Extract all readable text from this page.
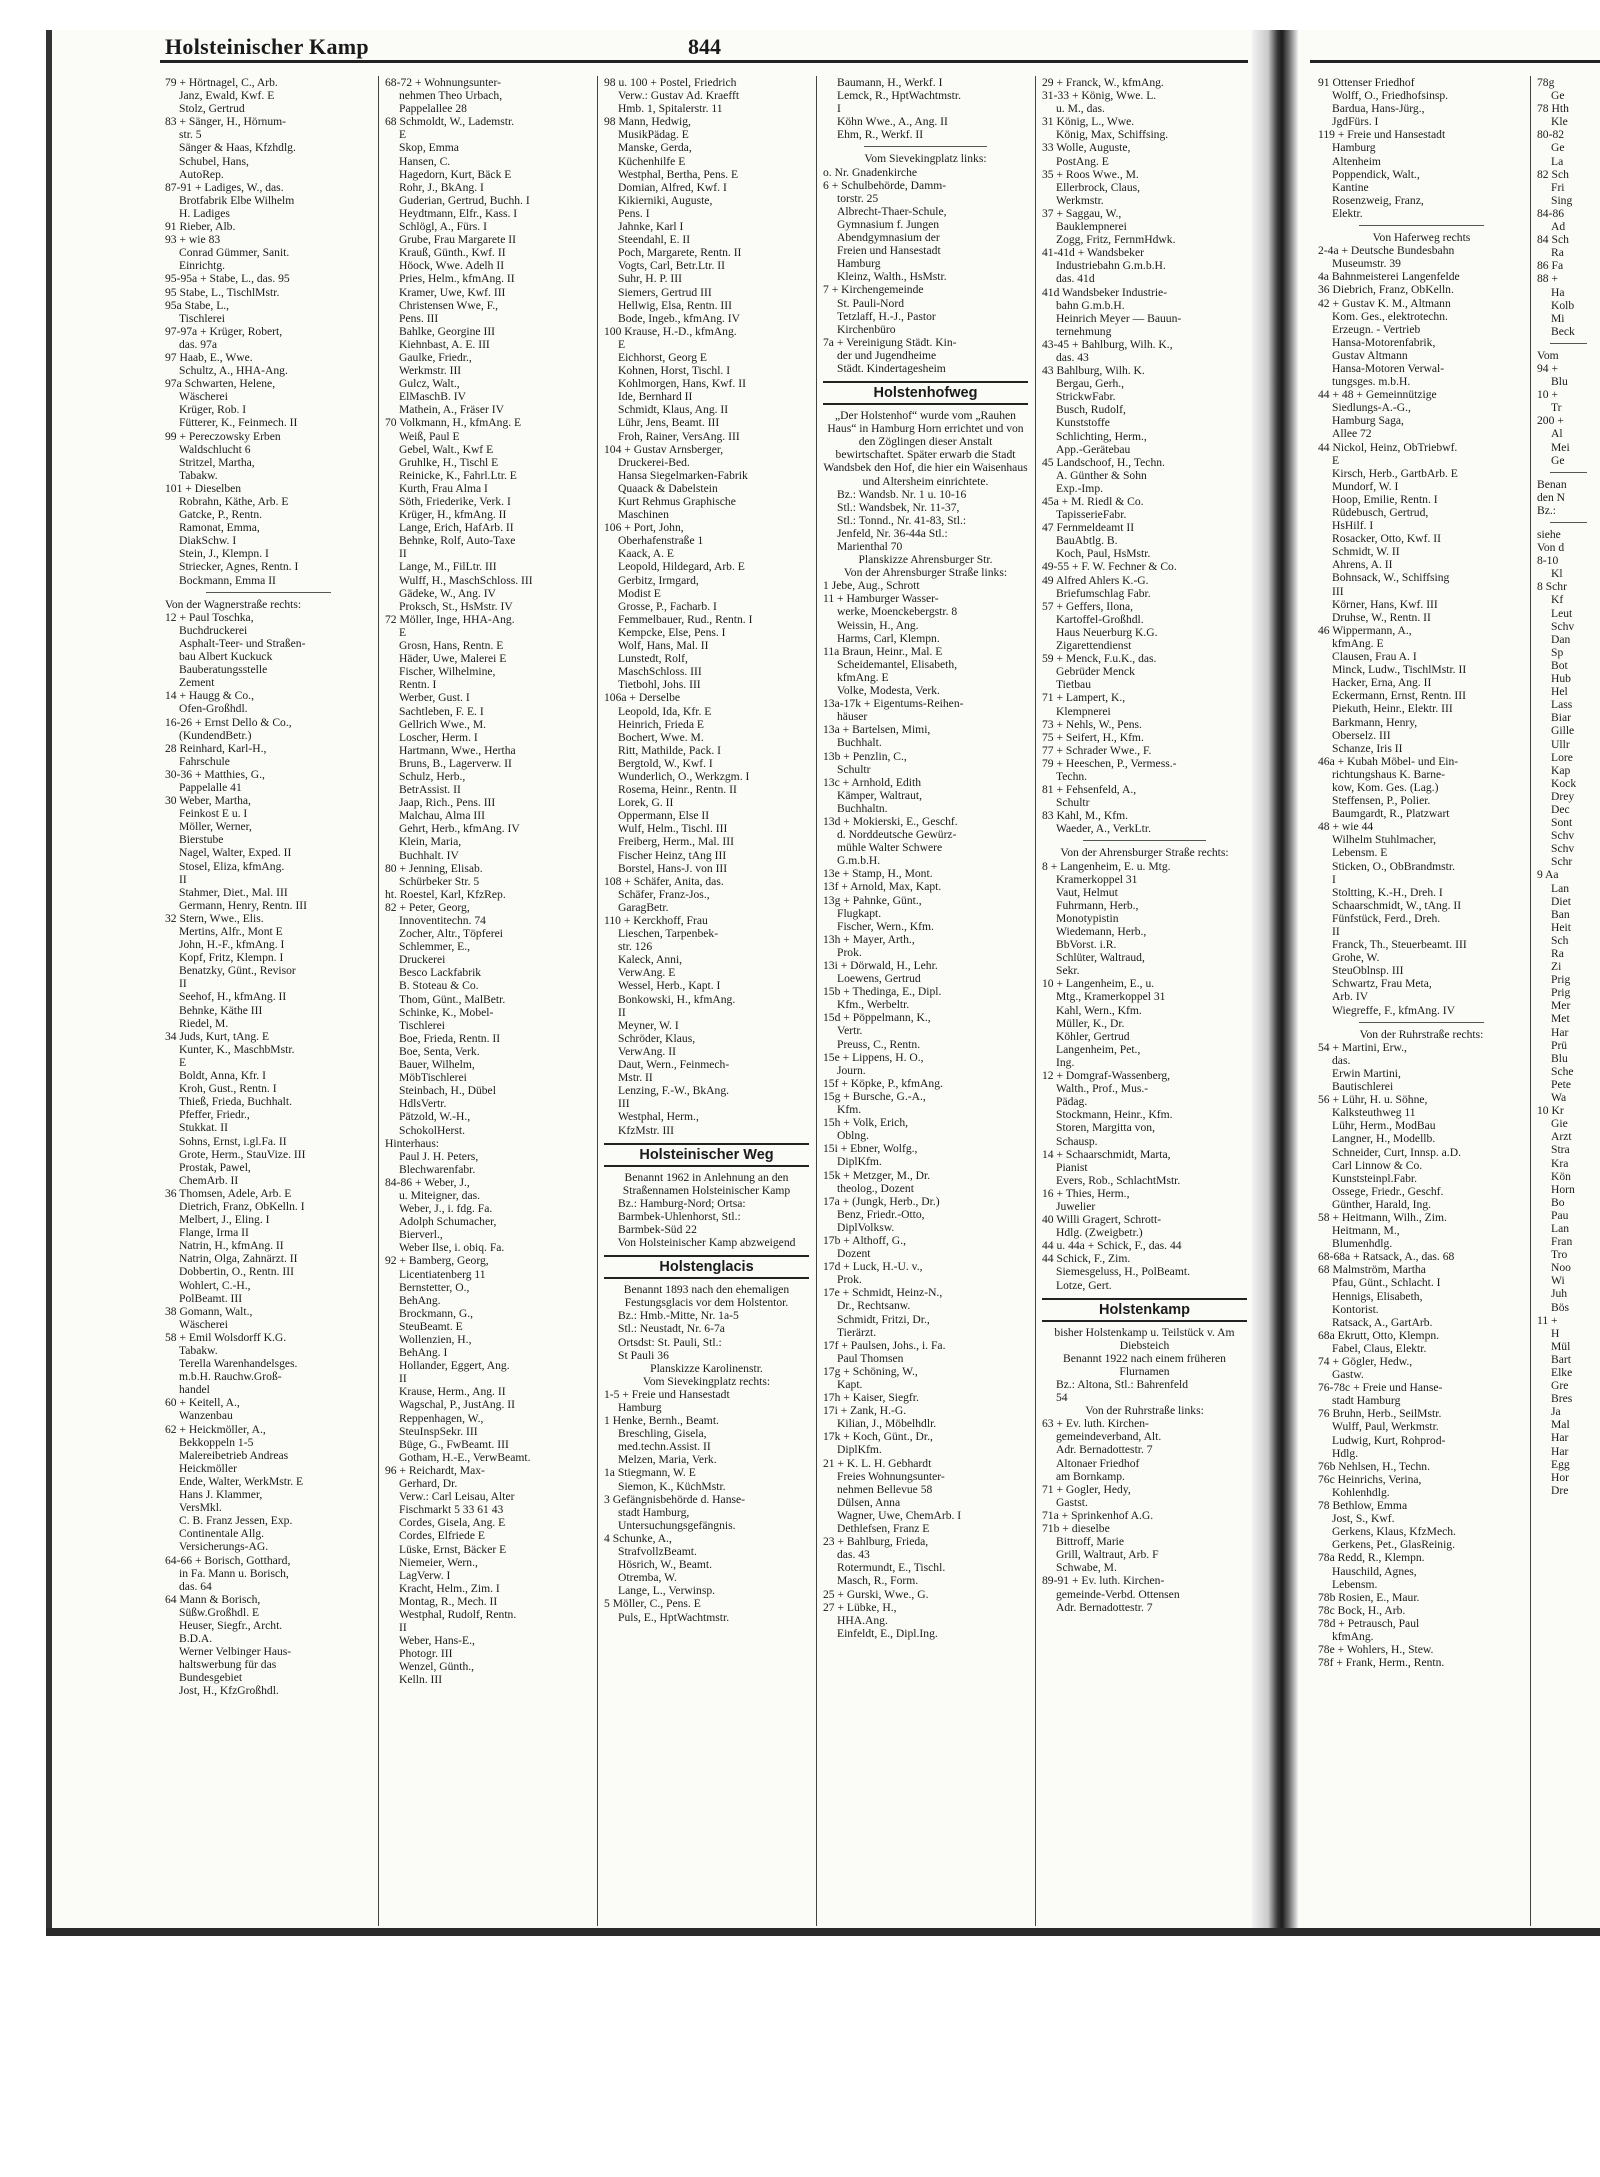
Holsteinischer Kamp	844

79 + Hörtnagel, C., Arb.

Janz, Ewald, Kwf. E

Stolz, Gertrud

83 + Sänger, H., Hörnum-

str. 5

Sänger & Haas, Kfzhdlg.

Schubel, Hans,

AutoRep.

87-91 + Ladiges, W., das.

Brotfabrik Elbe Wilhelm

H. Ladiges

91 Rieber, Alb.

93 + wie 83

Conrad Gümmer, Sanit.

Einrichtg.

95-95a + Stabe, L., das. 95

95 Stabe, L., TischlMstr.

95a Stabe, L.,

Tischlerei

97-97a + Krüger, Robert,

das. 97a

97 Haab, E., Wwe.

Schultz, A., HHA-Ang.

97a Schwarten, Helene,

Wäscherei

Krüger, Rob. I

Fütterer, K., Feinmech. II

99 + Pereczowsky Erben

Waldschlucht 6

Stritzel, Martha,

Tabakw.

101 + Dieselben

Robrahn, Käthe, Arb. E

Gatcke, P., Rentn.

Ramonat, Emma,

DiakSchw. I

Stein, J., Klempn. I

Striecker, Agnes, Rentn. I

Bockmann, Emma II

Von der Wagnerstraße rechts:

12 + Paul Toschka,

Buchdruckerei

Asphalt-Teer- und Straßen-

bau Albert Kuckuck

Bauberatungsstelle

Zement

14 + Haugg & Co.,

Ofen-Großhdl.

16-26 + Ernst Dello & Co.,

(KundendBetr.)

28 Reinhard, Karl-H.,

Fahrschule

30-36 + Matthies, G.,

Pappelalle 41

30 Weber, Martha,

Feinkost E u. I

Möller, Werner,

Bierstube

Nagel, Walter, Exped. II

Stosel, Eliza, kfmAng.

II

Stahmer, Diet., Mal. III

Germann, Henry, Rentn. III

32 Stern, Wwe., Elis.

Mertins, Alfr., Mont E

John, H.-F., kfmAng. I

Kopf, Fritz, Klempn. I

Benatzky, Günt., Revisor

II

Seehof, H., kfmAng. II

Behnke, Käthe III

Riedel, M.

34 Juds, Kurt, tAng. E

Kunter, K., MaschbMstr.

E

Boldt, Anna, Kfr. I

Kroh, Gust., Rentn. I

Thieß, Frieda, Buchhalt.

Pfeffer, Friedr.,

Stukkat. II

Sohns, Ernst, i.gl.Fa. II

Grote, Herm., StauVize. III

Prostak, Pawel,

ChemArb. II

36 Thomsen, Adele, Arb. E

Dietrich, Franz, ObKelln. I

Melbert, J., Eling. I

Flange, Irma II

Natrin, H., kfmAng. II

Natrin, Olga, Zahnärzt. II

Dobbertin, O., Rentn. III

Wohlert, C.-H.,

PolBeamt. III

38 Gomann, Walt.,

Wäscherei

58 + Emil Wolsdorff K.G.

Tabakw.

Terella Warenhandelsges.

m.b.H. Rauchw.Groß-

handel

60 + Keitell, A.,

Wanzenbau

62 + Heickmöller, A.,

Bekkoppeln 1-5

Malereibetrieb Andreas

Heickmöller

Ende, Walter, WerkMstr. E

Hans J. Klammer,

VersMkl.

C. B. Franz Jessen, Exp.

Continentale Allg.

Versicherungs-AG.

64-66 + Borisch, Gotthard,

in Fa. Mann u. Borisch,

das. 64

64 Mann & Borisch,

Süßw.Großhdl. E

Heuser, Siegfr., Archt.

B.D.A.

Werner Velbinger Haus-

haltswerbung für das

Bundesgebiet

Jost, H., KfzGroßhdl.

68-72 + Wohnungsunter-

nehmen Theo Urbach,

Pappelallee 28

68 Schmoldt, W., Lademstr.

E

Skop, Emma

Hansen, C.

Hagedorn, Kurt, Bäck E

Rohr, J., BkAng. I

Guderian, Gertrud, Buchh. I

Heydtmann, Elfr., Kass. I

Schlögl, A., Fürs. I

Grube, Frau Margarete II

Krauß, Günth., Kwf. II

Höock, Wwe. Adelh II

Pries, Helm., kfmAng. II

Kramer, Uwe, Kwf. III

Christensen Wwe, F.,

Pens. III

Bahlke, Georgine III

Kiehnbast, A. E. III

Gaulke, Friedr.,

Werkmstr. III

Gulcz, Walt.,

ElMaschB. IV

Mathein, A., Fräser IV

70 Volkmann, H., kfmAng. E

Weiß, Paul E

Gebel, Walt., Kwf E

Gruhlke, H., Tischl E

Reinicke, K., Fahrl.Ltr. E

Kurth, Frau Alma I

Söth, Friederike, Verk. I

Krüger, H., kfmAng. II

Lange, Erich, HafArb. II

Behnke, Rolf, Auto-Taxe

II

Lange, M., FilLtr. III

Wulff, H., MaschSchloss. III

Gädeke, W., Ang. IV

Proksch, St., HsMstr. IV

72 Möller, Inge, HHA-Ang.

E

Grosn, Hans, Rentn. E

Häder, Uwe, Malerei E

Fischer, Wilhelmine,

Rentn. I

Werber, Gust. I

Sachtleben, F. E. I

Gellrich Wwe., M.

Loscher, Herm. I

Hartmann, Wwe., Hertha

Bruns, B., Lagerverw. II

Schulz, Herb.,

BetrAssist. II

Jaap, Rich., Pens. III

Malchau, Alma III

Gehrt, Herb., kfmAng. IV

Klein, Maria,

Buchhalt. IV

80 + Jenning, Elisab.

Schürbeker Str. 5

ht. Roestel, Karl, KfzRep.

82 + Peter, Georg,

Innoventitechn. 74

Zocher, Altr., Töpferei

Schlemmer, E.,

Druckerei

Besco Lackfabrik

B. Stoteau & Co.

Thom, Günt., MalBetr.

Schinke, K., Mobel-

Tischlerei

Boe, Frieda, Rentn. II

Boe, Senta, Verk.

Bauer, Wilhelm,

MöbTischlerei

Steinbach, H., Dübel

HdlsVertr.

Pätzold, W.-H.,

SchokolHerst.

Hinterhaus:

Paul J. H. Peters,

Blechwarenfabr.

84-86 + Weber, J.,

u. Miteigner, das.

Weber, J., i. fdg. Fa.

Adolph Schumacher,

Bierverl.,

Weber Ilse, i. obiq. Fa.

92 + Bamberg, Georg,

Licentiatenberg 11

Bernstetter, O.,

BehAng.

Brockmann, G.,

SteuBeamt. E

Wollenzien, H.,

BehAng. I

Hollander, Eggert, Ang.

II

Krause, Herm., Ang. II

Wagschal, P., JustAng. II

Reppenhagen, W.,

SteuInspSekr. III

Büge, G., FwBeamt. III

Gotham, H.-E., VerwBeamt.

96 + Reichardt, Max-

Gerhard, Dr.

Verw.: Carl Leisau, Alter

Fischmarkt 5 33 61 43

Cordes, Gisela, Ang. E

Cordes, Elfriede E

Lüske, Ernst, Bäcker E

Niemeier, Wern.,

LagVerw. I

Kracht, Helm., Zim. I

Montag, R., Mech. II

Westphal, Rudolf, Rentn.

II

Weber, Hans-E.,

Photogr. III

Wenzel, Günth.,

Kelln. III

98 u. 100 + Postel, Friedrich

Verw.: Gustav Ad. Kraefft

Hmb. 1, Spitalerstr. 11

98 Mann, Hedwig,

MusikPädag. E

Manske, Gerda,

Küchenhilfe E

Westphal, Bertha, Pens. E

Domian, Alfred, Kwf. I

Kikierniki, Auguste,

Pens. I

Jahnke, Karl I

Steendahl, E. II

Poch, Margarete, Rentn. II

Vogts, Carl, Betr.Ltr. II

Suhr, H. P. III

Siemers, Gertrud III

Hellwig, Elsa, Rentn. III

Bode, Ingeb., kfmAng. IV

100 Krause, H.-D., kfmAng.

E

Eichhorst, Georg E

Kohnen, Horst, Tischl. I

Kohlmorgen, Hans, Kwf. II

Ide, Bernhard II

Schmidt, Klaus, Ang. II

Lühr, Jens, Beamt. III

Froh, Rainer, VersAng. III

104 + Gustav Arnsberger,

Druckerei-Bed.

Hansa Siegelmarken-Fabrik

Quaack & Dabelstein

Kurt Rehmus Graphische

Maschinen

106 + Port, John,

Oberhafenstraße 1

Kaack, A. E

Leopold, Hildegard, Arb. E

Gerbitz, Irmgard,

Modist E

Grosse, P., Facharb. I

Femmelbauer, Rud., Rentn. I

Kempcke, Else, Pens. I

Wolf, Hans, Mal. II

Lunstedt, Rolf,

MaschSchloss. III

Tietbohl, Johs. III

106a + Derselbe

Leopold, Ida, Kfr. E

Heinrich, Frieda E

Bochert, Wwe. M.

Ritt, Mathilde, Pack. I

Bergtold, W., Kwf. I

Wunderlich, O., Werkzgm. I

Rosema, Heinr., Rentn. II

Lorek, G. II

Oppermann, Else II

Wulf, Helm., Tischl. III

Freiberg, Herm., Mal. III

Fischer Heinz, tAng III

Borstel, Hans-J. von III

108 + Schäfer, Anita, das.

Schäfer, Franz-Jos.,

GaragBetr.

110 + Kerckhoff, Frau

Lieschen, Tarpenbek-

str. 126

Kaleck, Anni,

VerwAng. E

Wessel, Herb., Kapt. I

Bonkowski, H., kfmAng.

II

Meyner, W. I

Schröder, Klaus,

VerwAng. II

Daut, Wern., Feinmech-

Mstr. II

Lenzing, F.-W., BkAng.

III

Westphal, Herm.,

KfzMstr. III

Holsteinischer Weg

Benannt 1962 in Anlehnung an den Straßennamen Holsteinischer Kamp

Bz.: Hamburg-Nord; Ortsa:

Barmbek-Uhlenhorst, Stl.:

Barmbek-Süd 22

Von Holsteinischer Kamp abzweigend

Holstenglacis

Benannt 1893 nach den ehemaligen Festungsglacis vor dem Holstentor.

Bz.: Hmb.-Mitte, Nr. 1a-5

Stl.: Neustadt, Nr. 6-7a

Ortsdst: St. Pauli, Stl.:

St Pauli 36

Planskizze Karolinenstr.

Vom Sievekingplatz rechts:

1-5 + Freie und Hansestadt

Hamburg

1 Henke, Bernh., Beamt.

Breschling, Gisela,

med.techn.Assist. II

Melzen, Maria, Verk.

1a Stiegmann, W. E

Siemon, K., KüchMstr.

3 Gefängnisbehörde d. Hanse-

stadt Hamburg,

Untersuchungsgefängnis.

4 Schunke, A.,

StrafvollzBeamt.

Hösrich, W., Beamt.

Otremba, W.

Lange, L., Verwinsp.

5 Möller, C., Pens. E

Puls, E., HptWachtmstr.

Baumann, H., Werkf. I

Lemck, R., HptWachtmstr.

I

Köhn Wwe., A., Ang. II

Ehm, R., Werkf. II

Vom Sievekingplatz links:

o. Nr. Gnadenkirche

6 + Schulbehörde, Damm-

torstr. 25

Albrecht-Thaer-Schule,

Gymnasium f. Jungen

Abendgymnasium der

Freien und Hansestadt

Hamburg

Kleinz, Walth., HsMstr.

7 + Kirchengemeinde

St. Pauli-Nord

Tetzlaff, H.-J., Pastor

Kirchenbüro

7a + Vereinigung Städt. Kin-

der und Jugendheime

Städt. Kindertagesheim

Holstenhofweg

„Der Holstenhof“ wurde vom „Rauhen Haus“ in Hamburg Horn errichtet und von den Zöglingen dieser Anstalt bewirtschaftet. Später erwarb die Stadt Wandsbek den Hof, die hier ein Waisenhaus und Altersheim einrichtete.

Bz.: Wandsb. Nr. 1 u. 10-16

Stl.: Wandsbek, Nr. 11-37,

Stl.: Tonnd., Nr. 41-83, Stl.:

Jenfeld, Nr. 36-44a Stl.:

Marienthal 70

Planskizze Ahrensburger Str.

Von der Ahrensburger Straße links:

1 Jebe, Aug., Schrott

11 + Hamburger Wasser-

werke, Moenckebergstr. 8

Weissin, H., Ang.

Harms, Carl, Klempn.

11a Braun, Heinr., Mal. E

Scheidemantel, Elisabeth,

kfmAng. E

Volke, Modesta, Verk.

13a-17k + Eigentums-Reihen-

häuser

13a + Bartelsen, Mimi,

Buchhalt.

13b + Penzlin, C.,

Schultr

13c + Arnhold, Edith

Kämper, Waltraut,

Buchhaltn.

13d + Mokierski, E., Geschf.

d. Norddeutsche Gewürz-

mühle Walter Schwere

G.m.b.H.

13e + Stamp, H., Mont.

13f + Arnold, Max, Kapt.

13g + Pahnke, Günt.,

Flugkapt.

Fischer, Wern., Kfm.

13h + Mayer, Arth.,

Prok.

13i + Dörwald, H., Lehr.

Loewens, Gertrud

15b + Thedinga, E., Dipl.

Kfm., Werbeltr.

15d + Pöppelmann, K.,

Vertr.

Preuss, C., Rentn.

15e + Lippens, H. O.,

Journ.

15f + Köpke, P., kfmAng.

15g + Bursche, G.-A.,

Kfm.

15h + Volk, Erich,

Oblng.

15i + Ebner, Wolfg.,

DiplKfm.

15k + Metzger, M., Dr.

theolog., Dozent

17a + (Jungk, Herb., Dr.)

Benz, Friedr.-Otto,

DiplVolksw.

17b + Althoff, G.,

Dozent

17d + Luck, H.-U. v.,

Prok.

17e + Schmidt, Heinz-N.,

Dr., Rechtsanw.

Schmidt, Fritzi, Dr.,

Tierärzt.

17f + Paulsen, Johs., i. Fa.

Paul Thomsen

17g + Schöning, W.,

Kapt.

17h + Kaiser, Siegfr.

17i + Zank, H.-G.

Kilian, J., Möbelhdlr.

17k + Koch, Günt., Dr.,

DiplKfm.

21 + K. L. H. Gebhardt

Freies Wohnungsunter-

nehmen Bellevue 58

Dülsen, Anna

Wagner, Uwe, ChemArb. I

Dethlefsen, Franz E

23 + Bahlburg, Frieda,

das. 43

Rotermundt, E., Tischl.

Masch, R., Form.

25 + Gurski, Wwe., G.

27 + Lübke, H.,

HHA.Ang.

Einfeldt, E., Dipl.Ing.

29 + Franck, W., kfmAng.

31-33 + König, Wwe. L.

u. M., das.

31 König, L., Wwe.

König, Max, Schiffsing.

33 Wolle, Auguste,

PostAng. E

35 + Roos Wwe., M.

Ellerbrock, Claus,

Werkmstr.

37 + Saggau, W.,

Bauklempnerei

Zogg, Fritz, FernmHdwk.

41-41d + Wandsbeker

Industriebahn G.m.b.H.

das. 41d

41d Wandsbeker Industrie-

bahn G.m.b.H.

Heinrich Meyer — Bauun-

ternehmung

43-45 + Bahlburg, Wilh. K.,

das. 43

43 Bahlburg, Wilh. K.

Bergau, Gerh.,

StrickwFabr.

Busch, Rudolf,

Kunststoffe

Schlichting, Herm.,

App.-Gerätebau

45 Landschoof, H., Techn.

A. Günther & Sohn

Exp.-Imp.

45a + M. Riedl & Co.

TapisserieFabr.

47 Fernmeldeamt II

BauAbtlg. B.

Koch, Paul, HsMstr.

49-55 + F. W. Fechner & Co.

49 Alfred Ahlers K.-G.

Briefumschlag Fabr.

57 + Geffers, Ilona,

Kartoffel-Großhdl.

Haus Neuerburg K.G.

Zigarettendienst

59 + Menck, F.u.K., das.

Gebrüder Menck

Tietbau

71 + Lampert, K.,

Klempnerei

73 + Nehls, W., Pens.

75 + Seifert, H., Kfm.

77 + Schrader Wwe., F.

79 + Heeschen, P., Vermess.-

Techn.

81 + Fehsenfeld, A.,

Schultr

83 Kahl, M., Kfm.

Waeder, A., VerkLtr.

Von der Ahrensburger Straße rechts:

8 + Langenheim, E. u. Mtg.

Kramerkoppel 31

Vaut, Helmut

Fuhrmann, Herb.,

Monotypistin

Wiedemann, Herb.,

BbVorst. i.R.

Schlüter, Waltraud,

Sekr.

10 + Langenheim, E., u.

Mtg., Kramerkoppel 31

Kahl, Wern., Kfm.

Müller, K., Dr.

Köhler, Gertrud

Langenheim, Pet.,

Ing.

12 + Domgraf-Wassenberg,

Walth., Prof., Mus.-

Pädag.

Stockmann, Heinr., Kfm.

Storen, Margitta von,

Schausp.

14 + Schaarschmidt, Marta,

Pianist

Evers, Rob., SchlachtMstr.

16 + Thies, Herm.,

Juwelier

40 Willi Gragert, Schrott-

Hdlg. (Zweigbetr.)

44 u. 44a + Schick, F., das. 44

44 Schick, F., Zim.

Siemesgeluss, H., PolBeamt.

Lotze, Gert.

Holstenkamp

bisher Holstenkamp u. Teilstück v. Am Diebsteich

Benannt 1922 nach einem früheren Flurnamen

Bz.: Altona, Stl.: Bahrenfeld

54

Von der Ruhrstraße links:

63 + Ev. luth. Kirchen-

gemeindeverband, Alt.

Adr. Bernadottestr. 7

Altonaer Friedhof

am Bornkamp.

71 + Gogler, Hedy,

Gastst.

71a + Sprinkenhof A.G.

71b + dieselbe

Bittroff, Marie

Grill, Waltraut, Arb. F

Schwabe, M.

89-91 + Ev. luth. Kirchen-

gemeinde-Verbd. Ottensen

Adr. Bernadottestr. 7

91 Ottenser Friedhof

Wolff, O., Friedhofsinsp.

Bardua, Hans-Jürg.,

JgdFürs. I

119 + Freie und Hansestadt

Hamburg

Altenheim

Poppendick, Walt.,

Kantine

Rosenzweig, Franz,

Elektr.

Von Haferweg rechts

2-4a + Deutsche Bundesbahn

Museumstr. 39

4a Bahnmeisterei Langenfelde

36 Diebrich, Franz, ObKelln.

42 + Gustav K. M., Altmann

Kom. Ges., elektrotechn.

Erzeugn. - Vertrieb

Hansa-Motorenfabrik,

Gustav Altmann

Hansa-Motoren Verwal-

tungsges. m.b.H.

44 + 48 + Gemeinnützige

Siedlungs-A.-G.,

Hamburg Saga,

Allee 72

44 Nickol, Heinz, ObTriebwf.

E

Kirsch, Herb., GartbArb. E

Mundorf, W. I

Hoop, Emilie, Rentn. I

Rüdebusch, Gertrud,

HsHilf. I

Rosacker, Otto, Kwf. II

Schmidt, W. II

Ahrens, A. II

Bohnsack, W., Schiffsing

III

Körner, Hans, Kwf. III

Druhse, W., Rentn. II

46 Wippermann, A.,

kfmAng. E

Clausen, Frau A. I

Minck, Ludw., TischlMstr. II

Hacker, Erna, Ang. II

Eckermann, Ernst, Rentn. III

Piekuth, Heinr., Elektr. III

Barkmann, Henry,

Oberselz. III

Schanze, Iris II

46a + Kubah Möbel- und Ein-

richtungshaus K. Barne-

kow, Kom. Ges. (Lag.)

Steffensen, P., Polier.

Baumgardt, R., Platzwart

48 + wie 44

Wilhelm Stuhlmacher,

Lebensm. E

Sticken, O., ObBrandmstr.

I

Stoltting, K.-H., Dreh. I

Schaarschmidt, W., tAng. II

Fünfstück, Ferd., Dreh.

II

Franck, Th., Steuerbeamt. III

Grohe, W.

SteuOblnsp. III

Schwartz, Frau Meta,

Arb. IV

Wiegreffe, F., kfmAng. IV

Von der Ruhrstraße rechts:

54 + Martini, Erw.,

das.

Erwin Martini,

Bautischlerei

56 + Lühr, H. u. Söhne,

Kalksteuthweg 11

Lühr, Herm., ModBau

Langner, H., Modellb.

Schneider, Curt, Innsp. a.D.

Carl Linnow & Co.

Kunststeinpl.Fabr.

Ossege, Friedr., Geschf.

Günther, Harald, Ing.

58 + Heitmann, Wilh., Zim.

Heitmann, M.,

Blumenhdlg.

68-68a + Ratsack, A., das. 68

68 Malmström, Martha

Pfau, Günt., Schlacht. I

Hennigs, Elisabeth,

Kontorist.

Ratsack, A., GartArb.

68a Ekrutt, Otto, Klempn.

Fabel, Claus, Elektr.

74 + Gögler, Hedw.,

Gastw.

76-78c + Freie und Hanse-

stadt Hamburg

76 Bruhn, Herb., SeilMstr.

Wulff, Paul, Werkmstr.

Ludwig, Kurt, Rohprod-

Hdlg.

76b Nehlsen, H., Techn.

76c Heinrichs, Verina,

Kohlenhdlg.

78 Bethlow, Emma

Jost, S., Kwf.

Gerkens, Klaus, KfzMech.

Gerkens, Pet., GlasReinig.

78a Redd, R., Klempn.

Hauschild, Agnes,

Lebensm.

78b Rosien, E., Maur.

78c Bock, H., Arb.

78d + Petrausch, Paul

kfmAng.

78e + Wohlers, H., Stew.

78f + Frank, Herm., Rentn.

78g

Ge

78 Hth

Kle

80-82

Ge

La

82 Sch

Fri

Sing

84-86

Ad

84 Sch

Ra

86 Fa

88 +

Ha

Kolb

Mi

Beck

Vom

94 +

Blu

10 +

Tr

200 +

Al

Mei

Ge

Benan

den N

Bz.:

siehe

Von d

8-10

Kl

8 Schr

Kf

Leut

Schv

Dan

Sp

Bot

Hub

Hel

Lass

Biar

Gille

Ullr

Lore

Kap

Kock

Drey

Dec

Sont

Schv

Schv

Schr

9 Aa

Lan

Diet

Ban

Heit

Sch

Ra

Zi

Prig

Prig

Mer

Met

Har

Prü

Blu

Sche

Pete

Wa

10 Kr

Gie

Arzt

Stra

Kra

Kön

Horn

Bo

Pau

Lan

Fran

Tro

Noo

Wi

Juh

Bös

11 +

H

Mül

Bart

Elke

Gre

Bres

Ja

Mal

Har

Har

Egg

Hor

Dre
